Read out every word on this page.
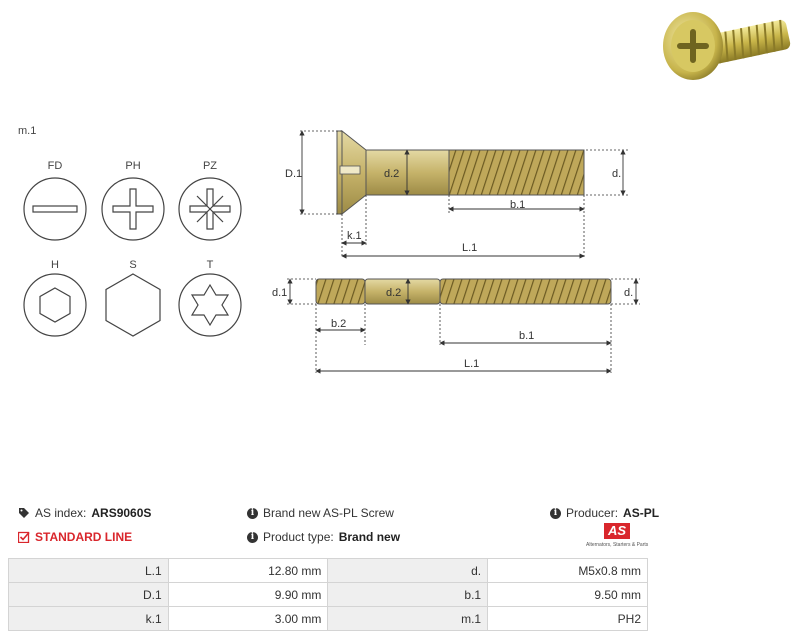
m.1
FD	PH	PZ
H	S	T
D.1	d.2	d.
b.1
k.1
L.1
d.1	d.2	d.
b.2
b.1
L.1
AS index: ARS9060S
STANDARD LINE
i Brand new AS-PL Screw
i Product type: Brand new
i Producer: AS-PL
AS
Alternators, Starters & Parts
L.1	12.80 mm	d.	M5x0.8 mm
D.1	9.90 mm	b.1	9.50 mm
k.1	3.00 mm	m.1	PH2
